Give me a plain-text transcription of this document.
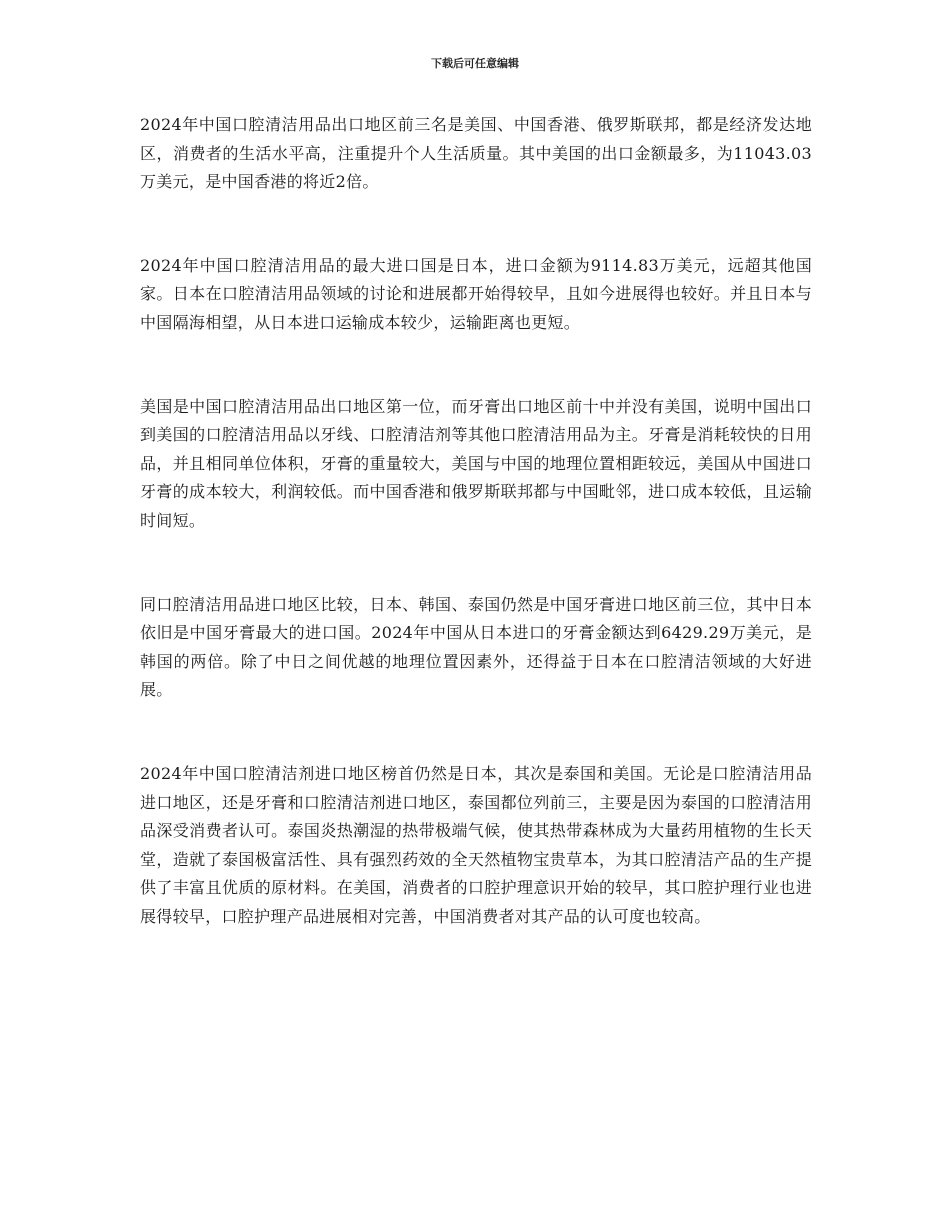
下载后可任意编辑

2024年中国口腔清洁用品出口地区前三名是美国、中国香港、俄罗斯联邦，都是经济发达地区，消费者的生活水平高，注重提升个人生活质量。其中美国的出口金额最多，为11043.03万美元，是中国香港的将近2倍。

2024年中国口腔清洁用品的最大进口国是日本，进口金额为9114.83万美元，远超其他国家。日本在口腔清洁用品领域的讨论和进展都开始得较早，且如今进展得也较好。并且日本与中国隔海相望，从日本进口运输成本较少，运输距离也更短。

美国是中国口腔清洁用品出口地区第一位，而牙膏出口地区前十中并没有美国，说明中国出口到美国的口腔清洁用品以牙线、口腔清洁剂等其他口腔清洁用品为主。牙膏是消耗较快的日用品，并且相同单位体积，牙膏的重量较大，美国与中国的地理位置相距较远，美国从中国进口牙膏的成本较大，利润较低。而中国香港和俄罗斯联邦都与中国毗邻，进口成本较低，且运输时间短。

同口腔清洁用品进口地区比较，日本、韩国、泰国仍然是中国牙膏进口地区前三位，其中日本依旧是中国牙膏最大的进口国。2024年中国从日本进口的牙膏金额达到6429.29万美元，是韩国的两倍。除了中日之间优越的地理位置因素外，还得益于日本在口腔清洁领域的大好进展。

2024年中国口腔清洁剂进口地区榜首仍然是日本，其次是泰国和美国。无论是口腔清洁用品进口地区，还是牙膏和口腔清洁剂进口地区，泰国都位列前三，主要是因为泰国的口腔清洁用品深受消费者认可。泰国炎热潮湿的热带极端气候，使其热带森林成为大量药用植物的生长天堂，造就了泰国极富活性、具有强烈药效的全天然植物宝贵草本，为其口腔清洁产品的生产提供了丰富且优质的原材料。在美国，消费者的口腔护理意识开始的较早，其口腔护理行业也进展得较早，口腔护理产品进展相对完善，中国消费者对其产品的认可度也较高。
